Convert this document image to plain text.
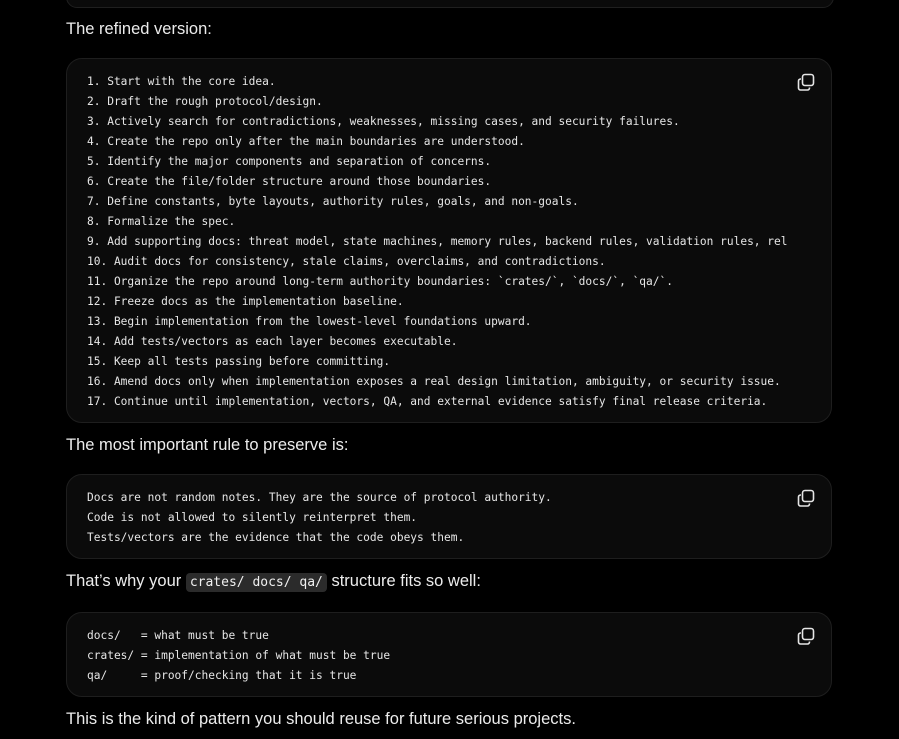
The refined version:

1. Start with the core idea.
2. Draft the rough protocol/design.
3. Actively search for contradictions, weaknesses, missing cases, and security failures.
4. Create the repo only after the main boundaries are understood.
5. Identify the major components and separation of concerns.
6. Create the file/folder structure around those boundaries.
7. Define constants, byte layouts, authority rules, goals, and non-goals.
8. Formalize the spec.
9. Add supporting docs: threat model, state machines, memory rules, backend rules, validation rules, rel
10. Audit docs for consistency, stale claims, overclaims, and contradictions.
11. Organize the repo around long-term authority boundaries: `crates/`, `docs/`, `qa/`.
12. Freeze docs as the implementation baseline.
13. Begin implementation from the lowest-level foundations upward.
14. Add tests/vectors as each layer becomes executable.
15. Keep all tests passing before committing.
16. Amend docs only when implementation exposes a real design limitation, ambiguity, or security issue.
17. Continue until implementation, vectors, QA, and external evidence satisfy final release criteria.

The most important rule to preserve is:

Docs are not random notes. They are the source of protocol authority.
Code is not allowed to silently reinterpret them.
Tests/vectors are the evidence that the code obeys them.

That’s why your crates/ docs/ qa/ structure fits so well:

docs/   = what must be true
crates/ = implementation of what must be true
qa/     = proof/checking that it is true

This is the kind of pattern you should reuse for future serious projects.
